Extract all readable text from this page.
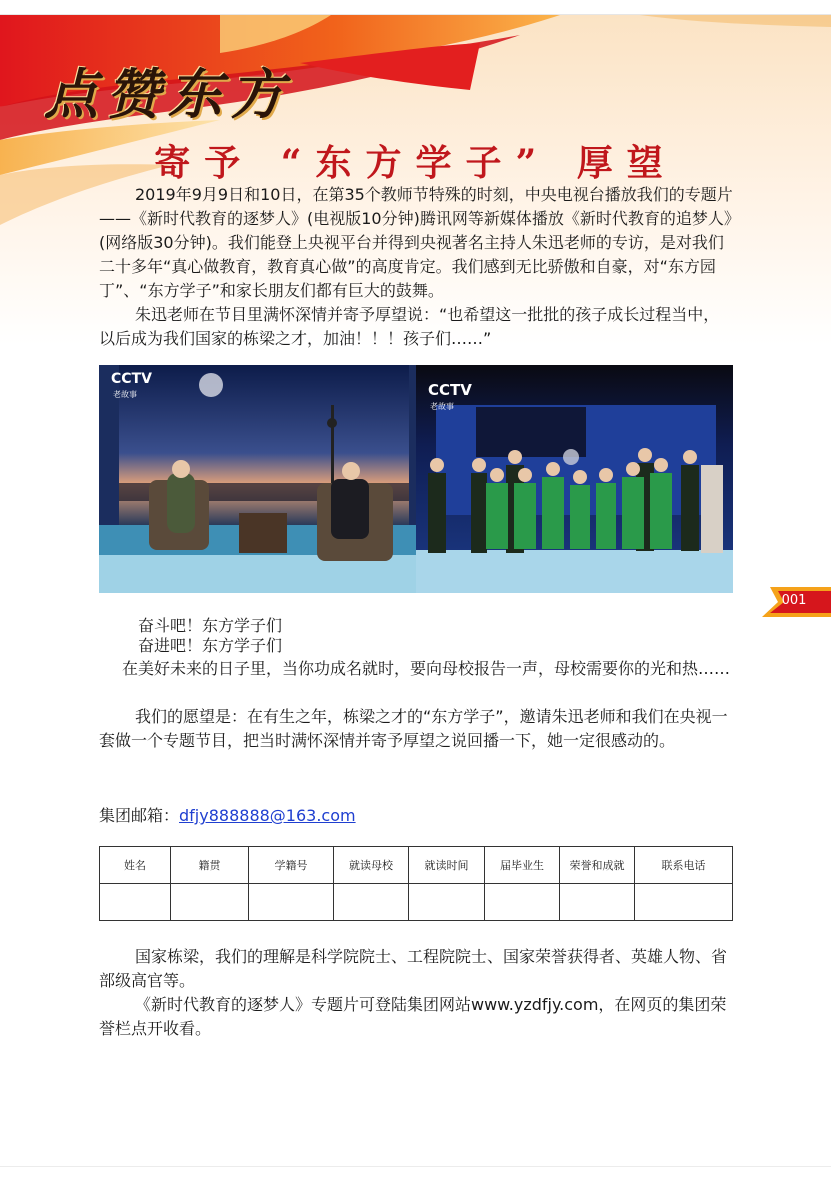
点赞东方
寄予 “东方学子” 厚望

2019年9月9日和10日，在第35个教师节特殊的时刻，中央电视台播放我们的专题片——《新时代教育的逐梦人》(电视版10分钟)腾讯网等新媒体播放《新时代教育的追梦人》(网络版30分钟)。我们能登上央视平台并得到央视著名主持人朱迅老师的专访，是对我们二十多年“真心做教育，教育真心做”的高度肯定。我们感到无比骄傲和自豪，对“东方园丁”、“东方学子”和家长朋友们都有巨大的鼓舞。

朱迅老师在节目里满怀深情并寄予厚望说：“也希望这一批批的孩子成长过程当中，以后成为我们国家的栋梁之才，加油！！！孩子们……”

CCTV
老故事	CCTV
老故事
001
奋斗吧！东方学子们
奋进吧！东方学子们

在美好未来的日子里，当你功成名就时，要向母校报告一声，母校需要你的光和热……

我们的愿望是：在有生之年，栋梁之才的“东方学子”，邀请朱迅老师和我们在央视一套做一个专题节目，把当时满怀深情并寄予厚望之说回播一下，她一定很感动的。

集团邮箱：dfjy888888@163.com
姓名	籍贯	学籍号	就读母校	就读时间	届毕业生	荣誉和成就	联系电话

国家栋梁，我们的理解是科学院院士、工程院院士、国家荣誉获得者、英雄人物、省部级高官等。

《新时代教育的逐梦人》专题片可登陆集团网站www.yzdfjy.com，在网页的集团荣誉栏点开收看。
